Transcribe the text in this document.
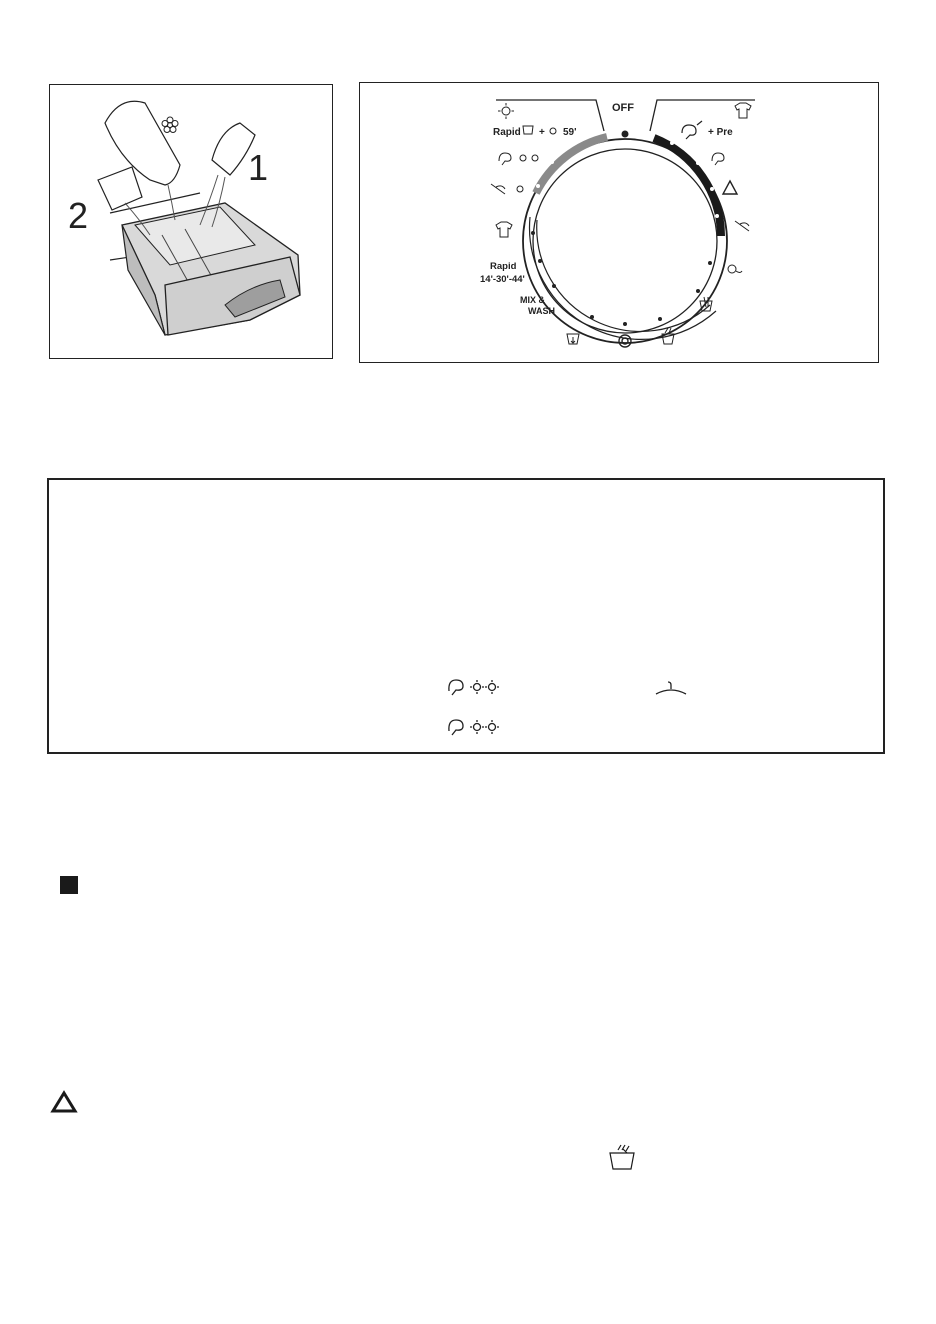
1
2
OFF
Rapid + 59'	+ Pre
Rapid
14'-30'-44'
MIX &
WASH
